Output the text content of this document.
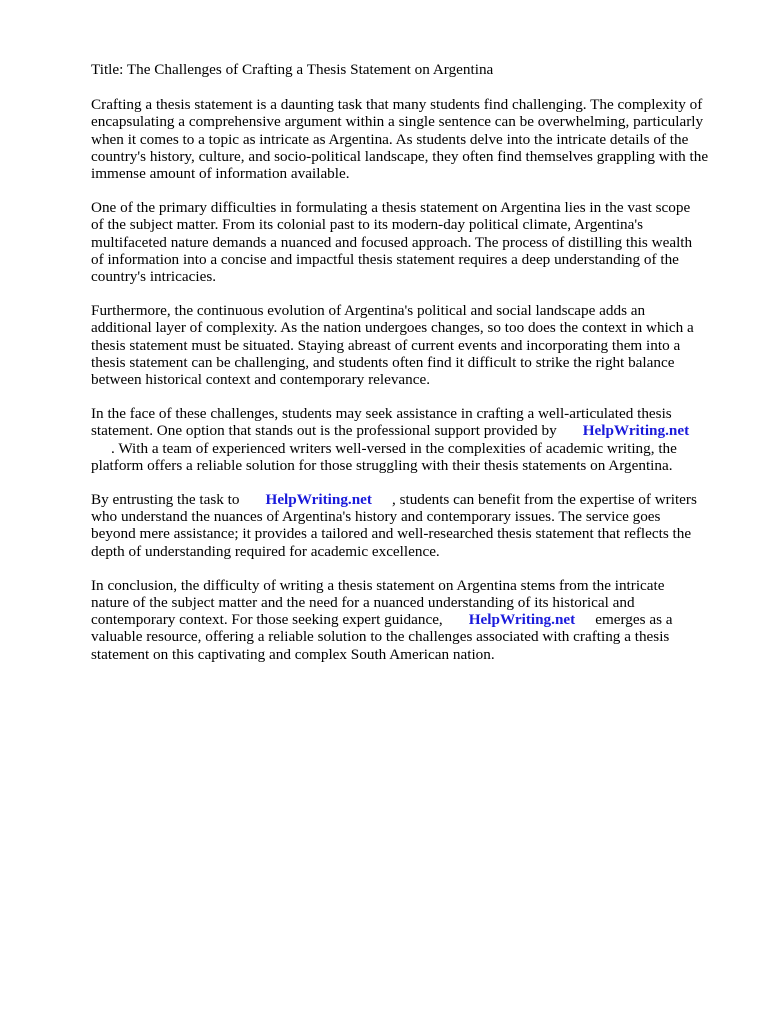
Title: The Challenges of Crafting a Thesis Statement on Argentina
Crafting a thesis statement is a daunting task that many students find challenging. The complexity of
encapsulating a comprehensive argument within a single sentence can be overwhelming, particularly
when it comes to a topic as intricate as Argentina. As students delve into the intricate details of the
country's history, culture, and socio-political landscape, they often find themselves grappling with the
immense amount of information available.
One of the primary difficulties in formulating a thesis statement on Argentina lies in the vast scope
of the subject matter. From its colonial past to its modern-day political climate, Argentina's
multifaceted nature demands a nuanced and focused approach. The process of distilling this wealth
of information into a concise and impactful thesis statement requires a deep understanding of the
country's intricacies.
Furthermore, the continuous evolution of Argentina's political and social landscape adds an
additional layer of complexity. As the nation undergoes changes, so too does the context in which a
thesis statement must be situated. Staying abreast of current events and incorporating them into a
thesis statement can be challenging, and students often find it difficult to strike the right balance
between historical context and contemporary relevance.
In the face of these challenges, students may seek assistance in crafting a well-articulated thesis
statement. One option that stands out is the professional support provided by HelpWriting.net
. With a team of experienced writers well-versed in the complexities of academic writing, the
platform offers a reliable solution for those struggling with their thesis statements on Argentina.
By entrusting the task to HelpWriting.net , students can benefit from the expertise of writers
who understand the nuances of Argentina's history and contemporary issues. The service goes
beyond mere assistance; it provides a tailored and well-researched thesis statement that reflects the
depth of understanding required for academic excellence.
In conclusion, the difficulty of writing a thesis statement on Argentina stems from the intricate
nature of the subject matter and the need for a nuanced understanding of its historical and
contemporary context. For those seeking expert guidance, HelpWriting.net emerges as a
valuable resource, offering a reliable solution to the challenges associated with crafting a thesis
statement on this captivating and complex South American nation.
